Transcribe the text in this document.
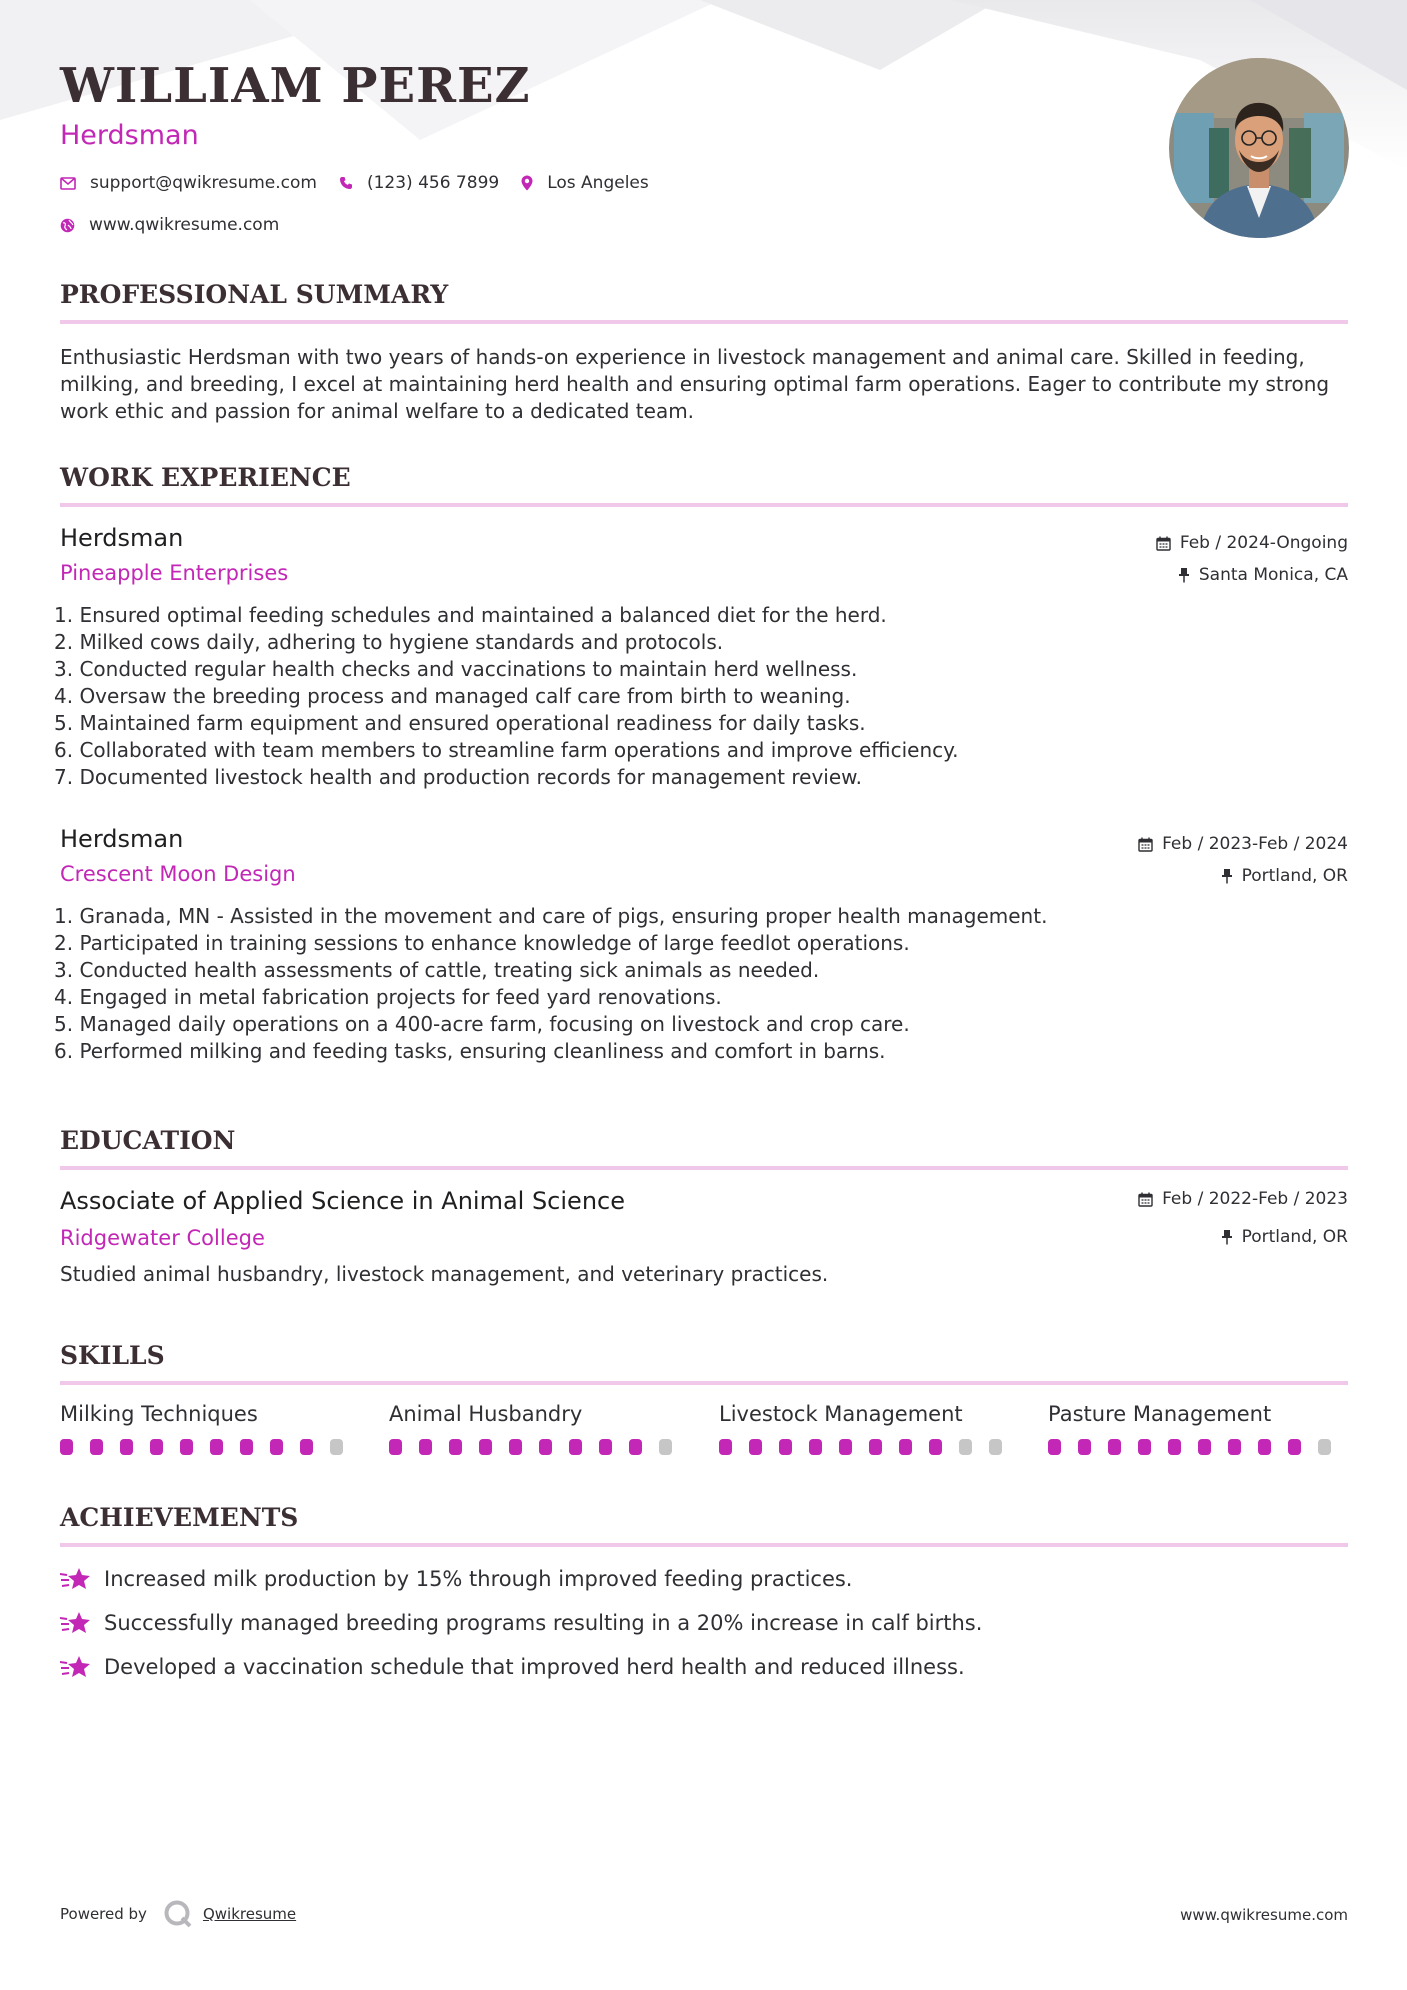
WILLIAM PEREZ
Herdsman
support@qwikresume.com	(123) 456 7899	Los Angeles
www.qwikresume.com
PROFESSIONAL SUMMARY

Enthusiastic Herdsman with two years of hands-on experience in livestock management and animal care. Skilled in feeding, milking, and breeding, I excel at maintaining herd health and ensuring optimal farm operations. Eager to contribute my strong work ethic and passion for animal welfare to a dedicated team.

WORK EXPERIENCE
Herdsman
Pineapple Enterprises
Feb / 2024-Ongoing
Santa Monica, CA
1. Ensured optimal feeding schedules and maintained a balanced diet for the herd.
2. Milked cows daily, adhering to hygiene standards and protocols.
3. Conducted regular health checks and vaccinations to maintain herd wellness.
4. Oversaw the breeding process and managed calf care from birth to weaning.
5. Maintained farm equipment and ensured operational readiness for daily tasks.
6. Collaborated with team members to streamline farm operations and improve efficiency.
7. Documented livestock health and production records for management review.
Herdsman
Crescent Moon Design
Feb / 2023-Feb / 2024
Portland, OR
1. Granada, MN - Assisted in the movement and care of pigs, ensuring proper health management.
2. Participated in training sessions to enhance knowledge of large feedlot operations.
3. Conducted health assessments of cattle, treating sick animals as needed.
4. Engaged in metal fabrication projects for feed yard renovations.
5. Managed daily operations on a 400-acre farm, focusing on livestock and crop care.
6. Performed milking and feeding tasks, ensuring cleanliness and comfort in barns.
EDUCATION
Associate of Applied Science in Animal Science
Ridgewater College
Feb / 2022-Feb / 2023
Portland, OR

Studied animal husbandry, livestock management, and veterinary practices.

SKILLS
Milking Techniques	Animal Husbandry	Livestock Management	Pasture Management
ACHIEVEMENTS
Increased milk production by 15% through improved feeding practices.
Successfully managed breeding programs resulting in a 20% increase in calf births.
Developed a vaccination schedule that improved herd health and reduced illness.
Powered by	Qwikresume	www.qwikresume.com
